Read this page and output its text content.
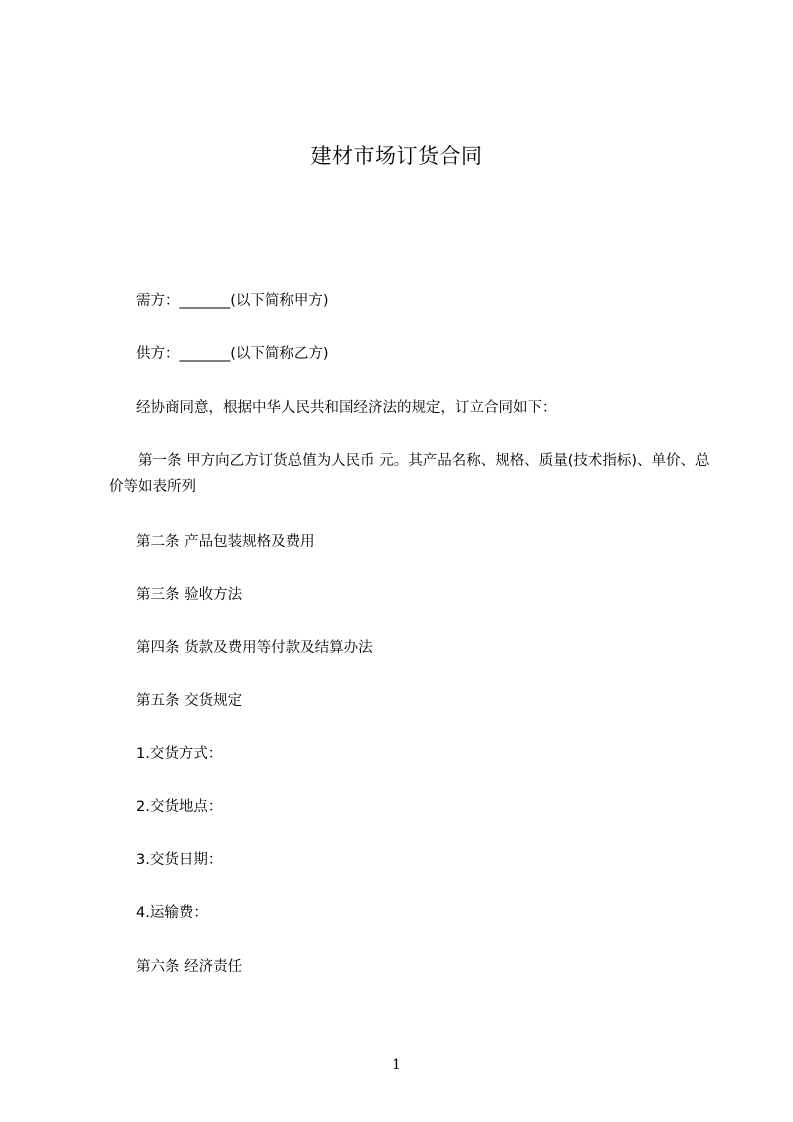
建材市场订货合同
需方：_______(以下简称甲方)
供方：_______(以下简称乙方)
经协商同意，根据中华人民共和国经济法的规定，订立合同如下：
第一条 甲方向乙方订货总值为人民币 元。其产品名称、规格、质量(技术指标)、单价、总价等如表所列
第二条 产品包装规格及费用
第三条 验收方法
第四条 货款及费用等付款及结算办法
第五条 交货规定
1.交货方式：
2.交货地点：
3.交货日期：
4.运输费：
第六条 经济责任
1
